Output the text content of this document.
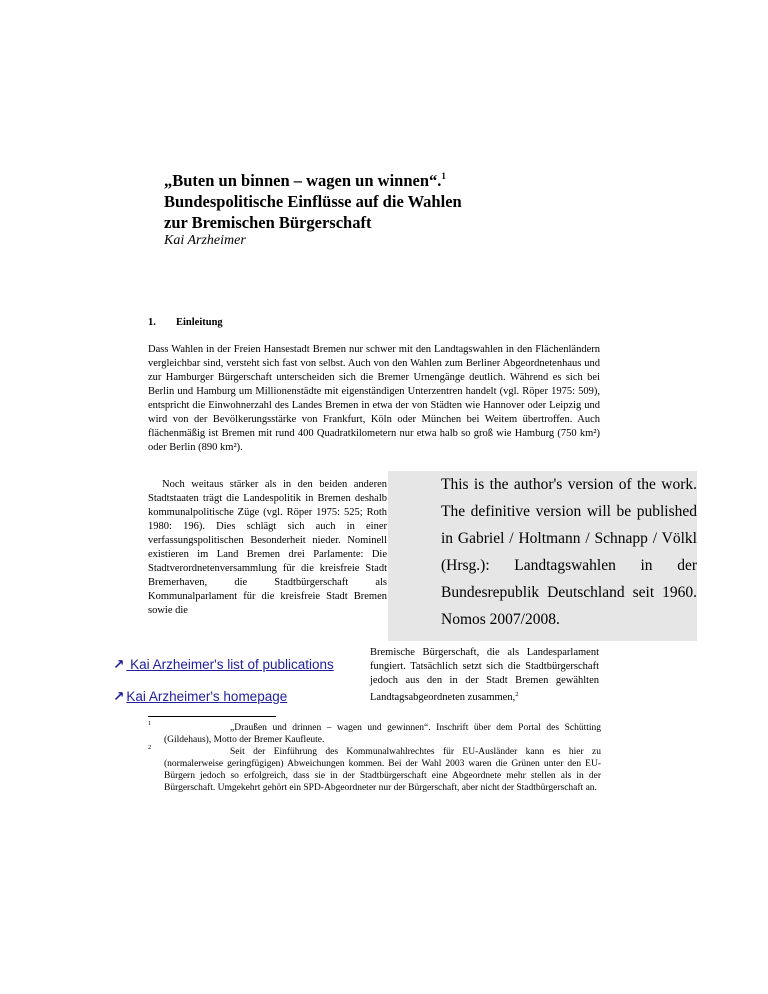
„Buten un binnen – wagen un winnen“.$^1$
Bundespolitische Einflüsse auf die Wahlen
zur Bremischen Bürgerschaft
Kai Arzheimer
1. Einleitung
Dass Wahlen in der Freien Hansestadt Bremen nur schwer mit den Landtagswahlen in den Flächenländern vergleichbar sind, versteht sich fast von selbst. Auch von den Wahlen zum Berliner Abgeordnetenhaus und zur Hamburger Bürgerschaft unterscheiden sich die Bremer Urnengänge deutlich. Während es sich bei Berlin und Hamburg um Millionenstädte mit eigenständigen Unterzentren handelt (vgl. Röper 1975: 509), entspricht die Einwohnerzahl des Landes Bremen in etwa der von Städten wie Hannover oder Leipzig und wird von der Bevölkerungsstärke von Frankfurt, Köln oder München bei Weitem übertroffen. Auch flächenmäßig ist Bremen mit rund 400 Quadratkilometern nur etwa halb so groß wie Hamburg (750 km²) oder Berlin (890 km²).
Noch weitaus stärker als in den beiden anderen Stadtstaaten trägt die Landespolitik in Bremen deshalb kommunalpolitische Züge (vgl. Röper 1975: 525; Roth 1980: 196). Dies schlägt sich auch in einer verfassungspolitischen Besonderheit nieder. Nominell existieren im Land Bremen drei Parlamente: Die Stadtverordnetenversammlung für die kreisfreie Stadt Bremerhaven, die Stadtbürgerschaft als Kommunalparlament für die kreisfreie Stadt Bremen sowie die

This is the author's version of the work. The definitive version will be published in Gabriel / Holtmann / Schnapp / Völkl (Hrsg.): Landtagswahlen in der Bundesrepublik Deutschland seit 1960. Nomos 2007/2008.

Bremische Bürgerschaft, die als Landesparlament fungiert. Tatsächlich setzt sich die Stadtbürgerschaft jedoch aus den in der Stadt Bremen gewählten Landtagsabgeordneten zusammen,$^2$
↗ Kai Arzheimer's list of publications
↗ Kai Arzheimer's homepage
1	„Draußen und drinnen – wagen und gewinnen“. Inschrift über dem Portal des Schütting (Gildehaus), Motto der Bremer Kaufleute.
2	Seit der Einführung des Kommunalwahlrechtes für EU-Ausländer kann es hier zu (normalerweise geringfügigen) Abweichungen kommen. Bei der Wahl 2003 waren die Grünen unter den EU-Bürgern jedoch so erfolgreich, dass sie in der Stadtbürgerschaft eine Abgeordnete mehr stellen als in der Bürgerschaft. Umgekehrt gehört ein SPD-Abgeordneter nur der Bürgerschaft, aber nicht der Stadtbürgerschaft an.
